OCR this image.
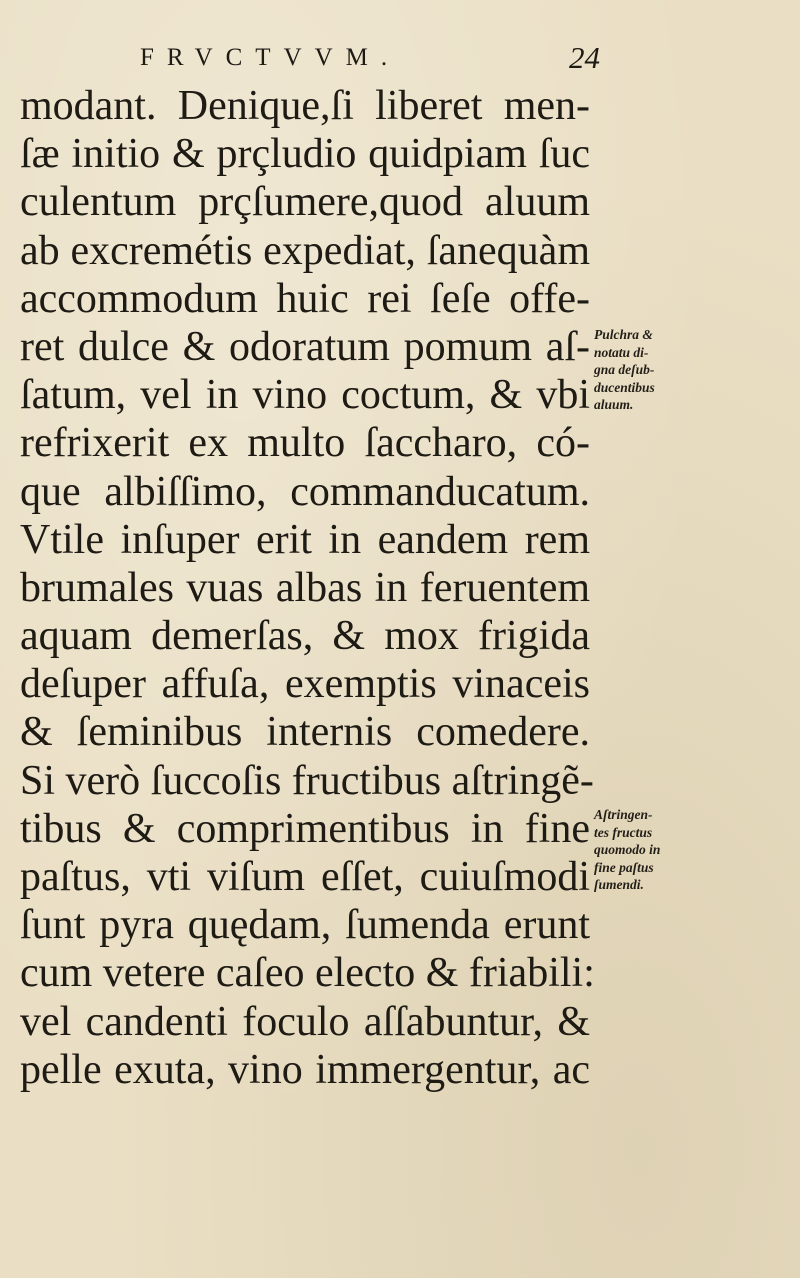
FRVCTVVM.	24
modant. Denique,ſi liberet men-
ſæ initio & prçludio quidpiam ſuc
culentum prçſumere,quod aluum
ab excremétis expediat, ſanequàm
accommodum huic rei ſeſe offe-
ret dulce & odoratum pomum aſ-
ſatum, vel in vino coctum, & vbi
refrixerit ex multo ſaccharo, có-
que albiſſimo, commanducatum.
Vtile inſuper erit in eandem rem
brumales vuas albas in feruentem
aquam demerſas, & mox frigida
deſuper affuſa, exemptis vinaceis
& ſeminibus internis comedere.
Si verò ſuccoſis fructibus aſtringẽ-
tibus & comprimentibus in fine
paſtus, vti viſum eſſet, cuiuſmodi
ſunt pyra quędam, ſumenda erunt
cum vetere caſeo electo & friabili:
vel candenti foculo aſſabuntur, &
pelle exuta, vino immergentur, ac
Pulchra &
notatu di-
gna deſub-
ducentibus
aluum.
Aſtringen-
tes fructus
quomodo in
fine paſtus
ſumendi.
